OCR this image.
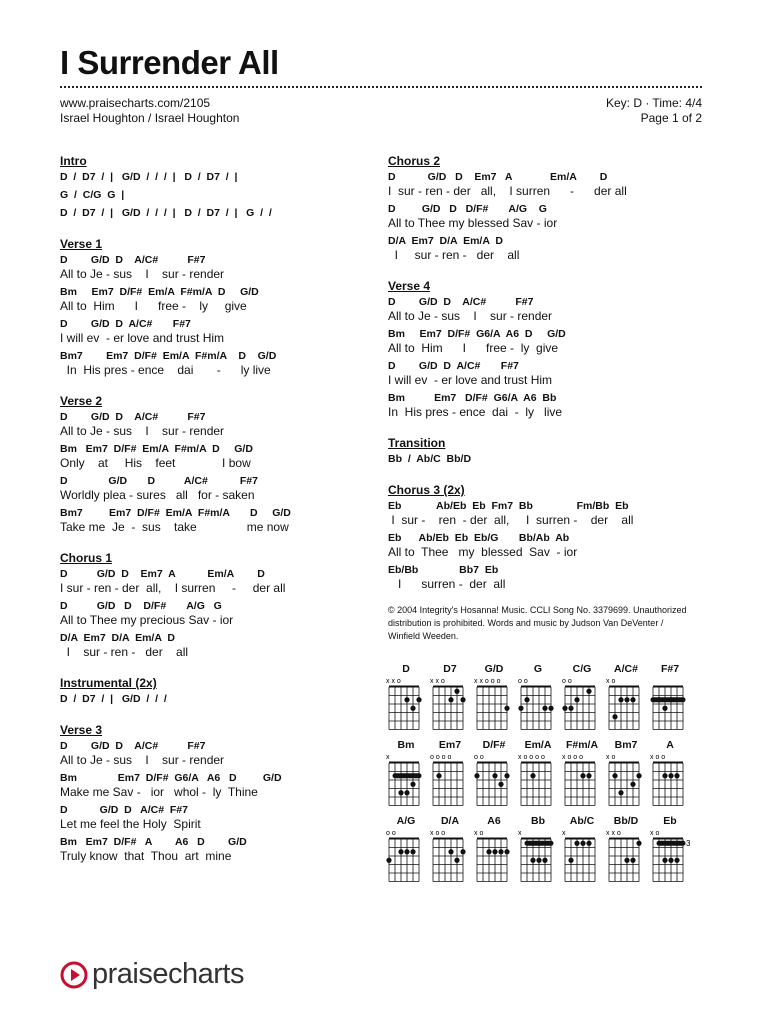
I Surrender All
www.praisecharts.com/2105
Israel Houghton / Israel Houghton
Key: D · Time: 4/4
Page 1 of 2
Intro
D  /  D7  /  |   G/D  /  /  /  |   D  /  D7  /  |
G  /  C/G  G  |
D  /  D7  /  |   G/D  /  /  /  |   D  /  D7  /  |   G  /  /
Verse 1
D        G/D  D    A/C#          F#7
All to Je - sus    I    sur - render
Bm     Em7  D/F#  Em/A  F#m/A  D     G/D
All to  Him      I      free -    ly     give
D        G/D  D  A/C#       F#7
I will ev  - er love and trust Him
Bm7        Em7  D/F#  Em/A  F#m/A    D    G/D
In  His pres - ence    dai       -      ly live
Verse 2
D        G/D  D    A/C#          F#7
All to Je - sus    I    sur - render
Bm   Em7  D/F#  Em/A  F#m/A  D     G/D
Only    at     His    feet              I bow
D              G/D       D          A/C#           F#7
Worldly plea - sures   all   for - saken
Bm7         Em7  D/F#  Em/A  F#m/A       D     G/D
Take me  Je  -  sus    take               me now
Chorus 1
D          G/D  D    Em7  A           Em/A        D
I sur - ren - der  all,    I surren     -     der all
D          G/D   D    D/F#       A/G   G
All to Thee my precious Sav - ior
D/A  Em7  D/A  Em/A  D
I    sur - ren -   der    all
Instrumental (2x)
D  /  D7  /  |   G/D  /  /  /
Verse 3
D        G/D  D    A/C#          F#7
All to Je - sus    I    sur - render
Bm              Em7  D/F#  G6/A   A6   D         G/D
Make me Sav -   ior   whol -  ly  Thine
D           G/D  D   A/C#  F#7
Let me feel the Holy  Spirit
Bm   Em7  D/F#   A        A6   D        G/D
Truly know  that  Thou  art  mine
Chorus 2
D           G/D   D    Em7   A             Em/A        D
I  sur - ren - der   all,    I surren      -      der all
D         G/D   D   D/F#       A/G    G
All to Thee my blessed Sav - ior
D/A  Em7  D/A  Em/A  D
I     sur - ren -   der    all
Verse 4
D        G/D  D    A/C#          F#7
All to Je - sus    I    sur - render
Bm     Em7  D/F#  G6/A  A6  D     G/D
All to  Him      I      free -  ly  give
D        G/D  D  A/C#       F#7
I will ev  - er love and trust Him
Bm          Em7   D/F#  G6/A  A6  Bb
In  His pres - ence  dai  -  ly   live
Transition
Bb  /  Ab/C  Bb/D
Chorus 3 (2x)
Eb            Ab/Eb  Eb  Fm7  Bb               Fm/Bb  Eb
I  sur -    ren  - der  all,     I  surren -    der    all
Eb      Ab/Eb  Eb  Eb/G       Bb/Ab  Ab
All to  Thee   my  blessed  Sav  - ior
Eb/Bb              Bb7  Eb
I      surren -  der  all
© 2004 Integrity's Hosanna! Music. CCLI Song No. 3379699. Unauthorized distribution is prohibited. Words and music by Judson Van DeVenter / Winfield Weeden.
D
x x o
D7
x x o
G/D
x x o o o
G
o o
C/G
o o
A/C#
x o
F#7
Bm
x
Em7
o o o o
D/F#
o o
Em/A
x o o o o
F#m/A
x o o o
Bm7
x o
A
x o o
A/G
o o
D/A
x o o
A6
x o
Bb
x
Ab/C
x
Bb/D
x x o
Eb
x o
3
praisecharts
